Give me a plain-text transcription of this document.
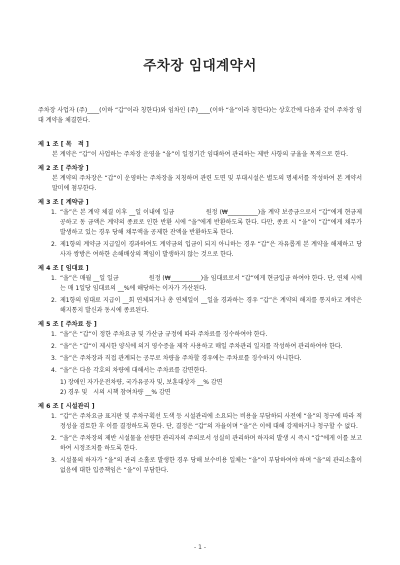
주차장 임대계약서

주차장 사업자 (주)____(이하 “갑”이라 칭한다)와 임차인 (주)____(이하 “을”이라 칭한다)는 상호간에 다음과 같이 주차장 임대 계약을 체결한다.

제 1 조 [ 목　적 ]

본 계약은 “갑”이 사업하는 주차장 운영을 “을”이 일정기간 임대하여 관리하는 제반 사항의 규율을 목적으로 한다.

제 2 조 [ 주차장 ]

본 계약의 주차장은 “갑”이 운영하는 주차장을 지칭하며 관련 도면 및 부대시설은 별도의 명세서를 작성하여 본 계약서 말미에 첨부한다.

제 3 조 [ 계약금 ]

1. “을”은 본 계약 체결 이후 __일 이내에 일금　　　　　원정 (₩__________)을 계약 보증금으로서 “갑”에게 현금제공하고 동 금액은 계약의 종료로 인한 반환 시에 “을”에게 반환하도록 한다. 다만, 종료 시 “을”이 “갑”에게 채무가 발생하고 있는 경우 당해 채무액을 공제한 잔액을 반환하도록 한다.
2. 제1항의 계약금 지급일이 경과하여도 계약금의 입금이 되지 아니하는 경우 “갑”은 자유롭게 본 계약을 해제하고 당사자 쌍방은 여하한 손해배상의 책임이 발생하지 않는 것으로 한다.

제 4 조 [ 임대료 ]

1. “을”은 매월 __일 일금　　　　　원정 (₩__________)을 임대료로서 “갑”에게 현금입금 하여야 한다. 단, 연체 시에는 매 1일당 임대료의 __%에 해당하는 이자가 가산된다.
2. 제1항의 임대료 지급이 __회 연체되거나 총 연체일이 __일을 경과하는 경우 “갑”은 계약의 해지를 통지하고 계약은 해지통지 발신과 동시에 종료된다.

제 5 조 [ 주차료 등 ]

1. “을”은 “갑”이 정한 주차요금 및 가산금 규정에 따라 주차료를 징수하여야 한다.
2. “을”은 “갑”이 제시한 양식에 의거 영수증을 제작 사용하고 매일 주차관리 일지를 작성하여 관리하여야 한다.
3. “을”은 주차장과 직접 관계되는 공무로 차량을 주차할 경우에는 주차료를 징수하지 아니한다.
4. “을”은 다음 각호의 차량에 대해서는 주차료를 감면한다.
1) 장애인 자가운전차량, 국가유공자 및, 보훈대상자 __% 감면
2) 경우 및　시의 시책 참여차량 __% 감면

제 6 조 [ 시설관리 ]

1. “갑”은 주차요금 표지판 및 주차구획선 도색 등 시설관리에 소요되는 비용을 부담하되 사전에 “을”의 청구에 따라 적정성을 검토한 후 이를 결정하도록 한다. 단, 결정은 “갑”의 자율이며 “을”은 이에 대해 강제하거나 청구할 수 없다.
2. “을”은 주차장의 제반 시설물을 선량한 관리자의 주의로서 성실히 관리하며 하자의 발생 시 즉시 “갑”에게 이를 보고하여 시정조치를 하도록 한다.
3. 시설물의 하자가 “을”의 관리 소홀로 발생한 경우 당해 보수비용 일체는 “을”이 부담하여야 하며 “을”의 관리소홀이 없음에 대한 입증책임은 “을”이 부담한다.
- 1 -
